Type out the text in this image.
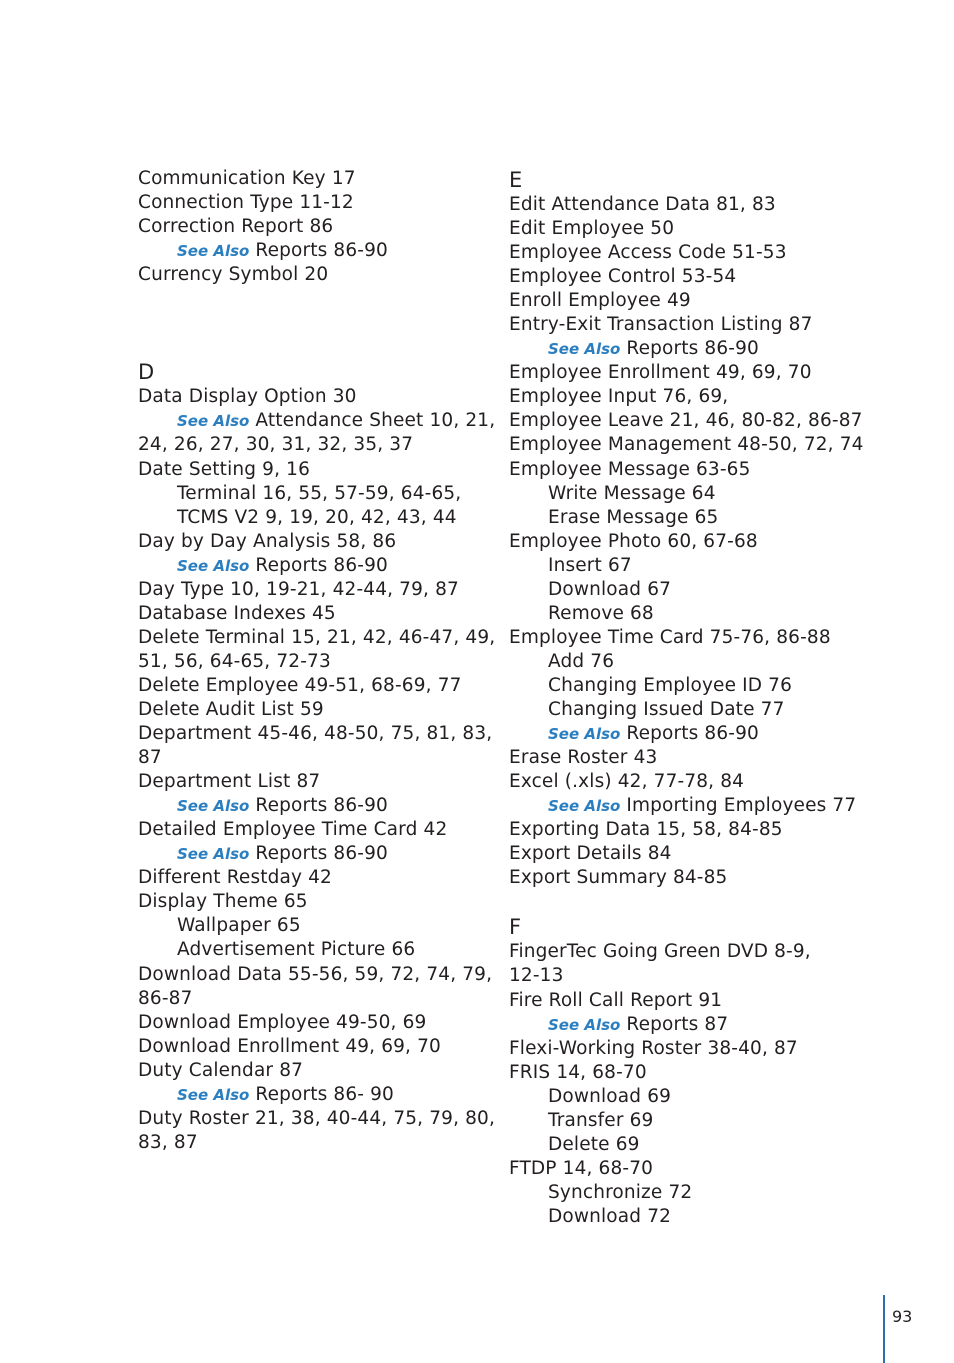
Communication Key 17
Connection Type 11-12
Correction Report 86
See Also Reports 86-90
Currency Symbol 20
D
Data Display Option 30
See Also Attendance Sheet 10, 21,
24, 26, 27, 30, 31, 32, 35, 37
Date Setting 9, 16
Terminal 16, 55, 57-59, 64-65,
TCMS V2 9, 19, 20, 42, 43, 44
Day by Day Analysis 58, 86
See Also Reports 86-90
Day Type 10, 19-21, 42-44, 79, 87
Database Indexes 45
Delete Terminal 15, 21, 42, 46-47, 49,
51, 56, 64-65, 72-73
Delete Employee 49-51, 68-69, 77
Delete Audit List 59
Department 45-46, 48-50, 75, 81, 83,
87
Department List 87
See Also Reports 86-90
Detailed Employee Time Card 42
See Also Reports 86-90
Different Restday 42
Display Theme 65
Wallpaper 65
Advertisement Picture 66
Download Data 55-56, 59, 72, 74, 79,
86-87
Download Employee 49-50, 69
Download Enrollment 49, 69, 70
Duty Calendar 87
See Also Reports 86- 90
Duty Roster 21, 38, 40-44, 75, 79, 80,
83, 87
E
Edit Attendance Data 81, 83
Edit Employee 50
Employee Access Code 51-53
Employee Control 53-54
Enroll Employee 49
Entry-Exit Transaction Listing 87
See Also Reports 86-90
Employee Enrollment 49, 69, 70
Employee Input 76, 69,
Employee Leave 21, 46, 80-82, 86-87
Employee Management 48-50, 72, 74
Employee Message 63-65
Write Message 64
Erase Message 65
Employee Photo 60, 67-68
Insert 67
Download 67
Remove 68
Employee Time Card 75-76, 86-88
Add 76
Changing Employee ID 76
Changing Issued Date 77
See Also Reports 86-90
Erase Roster 43
Excel (.xls) 42, 77-78, 84
See Also Importing Employees 77
Exporting Data 15, 58, 84-85
Export Details 84
Export Summary 84-85
F
FingerTec Going Green DVD 8-9,
12-13
Fire Roll Call Report 91
See Also Reports 87
Flexi-Working Roster 38-40, 87
FRIS 14, 68-70
Download 69
Transfer 69
Delete 69
FTDP 14, 68-70
Synchronize 72
Download 72
93
